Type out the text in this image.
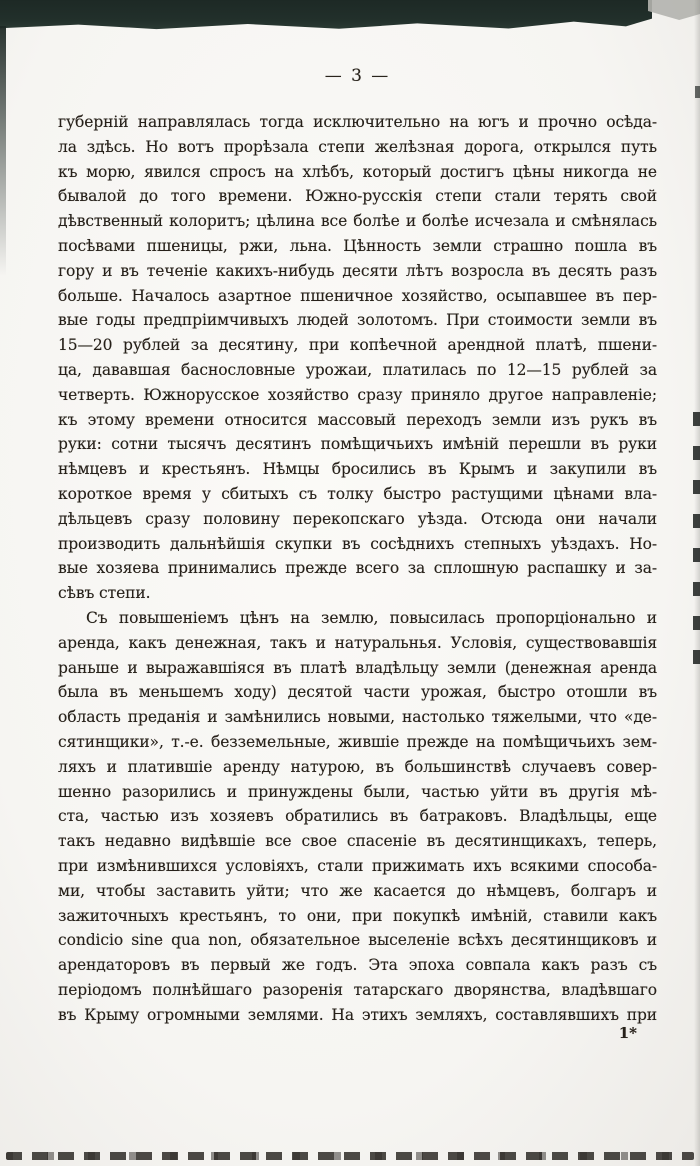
— 3 —
губерній направлялась тогда исключительно на югъ и прочно осѣда-
ла здѣсь. Но вотъ прорѣзала степи желѣзная дорога, открылся путь
къ морю, явился спросъ на хлѣбъ, который достигъ цѣны никогда не
бывалой до того времени. Южно-русскія степи стали терять свой
дѣвственный колоритъ; цѣлина все болѣе и болѣе исчезала и смѣнялась
посѣвами пшеницы, ржи, льна. Цѣнность земли страшно пошла въ
гору и въ теченіе какихъ-нибудь десяти лѣтъ возросла въ десять разъ
больше. Началось азартное пшеничное хозяйство, осыпавшее въ пер-
вые годы предпріимчивыхъ людей золотомъ. При стоимости земли въ
15—20 рублей за десятину, при копѣечной арендной платѣ, пшени-
ца, дававшая баснословные урожаи, платилась по 12—15 рублей за
четверть. Южнорусское хозяйство сразу приняло другое направленіе;
къ этому времени относится массовый переходъ земли изъ рукъ въ
руки: сотни тысячъ десятинъ помѣщичьихъ имѣній перешли въ руки
нѣмцевъ и крестьянъ. Нѣмцы бросились въ Крымъ и закупили въ
короткое время у сбитыхъ съ толку быстро растущими цѣнами вла-
дѣльцевъ сразу половину перекопскаго уѣзда. Отсюда они начали
производить дальнѣйшія скупки въ сосѣднихъ степныхъ уѣздахъ. Но-
вые хозяева принимались прежде всего за сплошную распашку и за-
сѣвъ степи.
Съ повышеніемъ цѣнъ на землю, повысилась пропорціонально и
аренда, какъ денежная, такъ и натуральнья. Условія, существовавшія
раньше и выражавшіяся въ платѣ владѣльцу земли (денежная аренда
была въ меньшемъ ходу) десятой части урожая, быстро отошли въ
область преданія и замѣнились новыми, настолько тяжелыми, что «де-
сятинщики», т.-е. безземельные, жившіе прежде на помѣщичьихъ зем-
ляхъ и платившіе аренду натурою, въ большинствѣ случаевъ совер-
шенно разорились и принуждены были, частью уйти въ другія мѣ-
ста, частью изъ хозяевъ обратились въ батраковъ. Владѣльцы, еще
такъ недавно видѣвшіе все свое спасеніе въ десятинщикахъ, теперь,
при измѣнившихся условіяхъ, стали прижимать ихъ всякими способа-
ми, чтобы заставить уйти; что же касается до нѣмцевъ, болгаръ и
зажиточныхъ крестьянъ, то они, при покупкѣ имѣній, ставили какъ
condicio sine qua non, обязательное выселеніе всѣхъ десятинщиковъ и
арендаторовъ въ первый же годъ. Эта эпоха совпала какъ разъ съ
періодомъ полнѣйшаго разоренія татарскаго дворянства, владѣвшаго
въ Крыму огромными землями. На этихъ земляхъ, составлявшихъ при
1*
